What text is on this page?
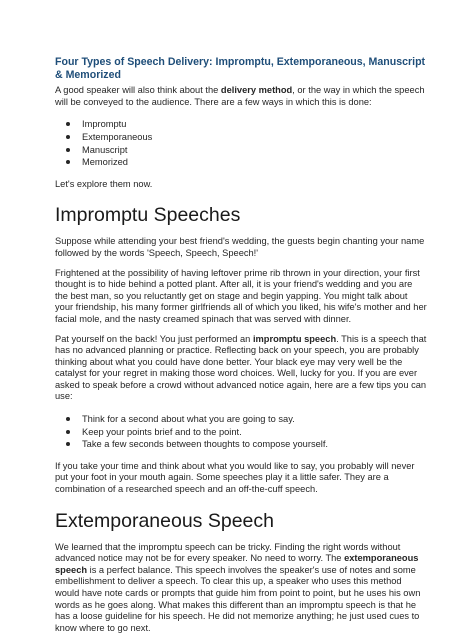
Four Types of Speech Delivery: Impromptu, Extemporaneous, Manuscript & Memorized

A good speaker will also think about the delivery method, or the way in which the speech will be conveyed to the audience. There are a few ways in which this is done:

Impromptu
Extemporaneous
Manuscript
Memorized

Let's explore them now.

Impromptu Speeches

Suppose while attending your best friend's wedding, the guests begin chanting your name followed by the words 'Speech, Speech, Speech!'

Frightened at the possibility of having leftover prime rib thrown in your direction, your first thought is to hide behind a potted plant. After all, it is your friend's wedding and you are the best man, so you reluctantly get on stage and begin yapping. You might talk about your friendship, his many former girlfriends all of which you liked, his wife's mother and her facial mole, and the nasty creamed spinach that was served with dinner.

Pat yourself on the back! You just performed an impromptu speech. This is a speech that has no advanced planning or practice. Reflecting back on your speech, you are probably thinking about what you could have done better. Your black eye may very well be the catalyst for your regret in making those word choices. Well, lucky for you. If you are ever asked to speak before a crowd without advanced notice again, here are a few tips you can use:

Think for a second about what you are going to say.
Keep your points brief and to the point.
Take a few seconds between thoughts to compose yourself.

If you take your time and think about what you would like to say, you probably will never put your foot in your mouth again. Some speeches play it a little safer. They are a combination of a researched speech and an off-the-cuff speech.

Extemporaneous Speech

We learned that the impromptu speech can be tricky. Finding the right words without advanced notice may not be for every speaker. No need to worry. The extemporaneous speech is a perfect balance. This speech involves the speaker's use of notes and some embellishment to deliver a speech. To clear this up, a speaker who uses this method would have note cards or prompts that guide him from point to point, but he uses his own words as he goes along. What makes this different than an impromptu speech is that he has a loose guideline for his speech. He did not memorize anything; he just used cues to know where to go next.
